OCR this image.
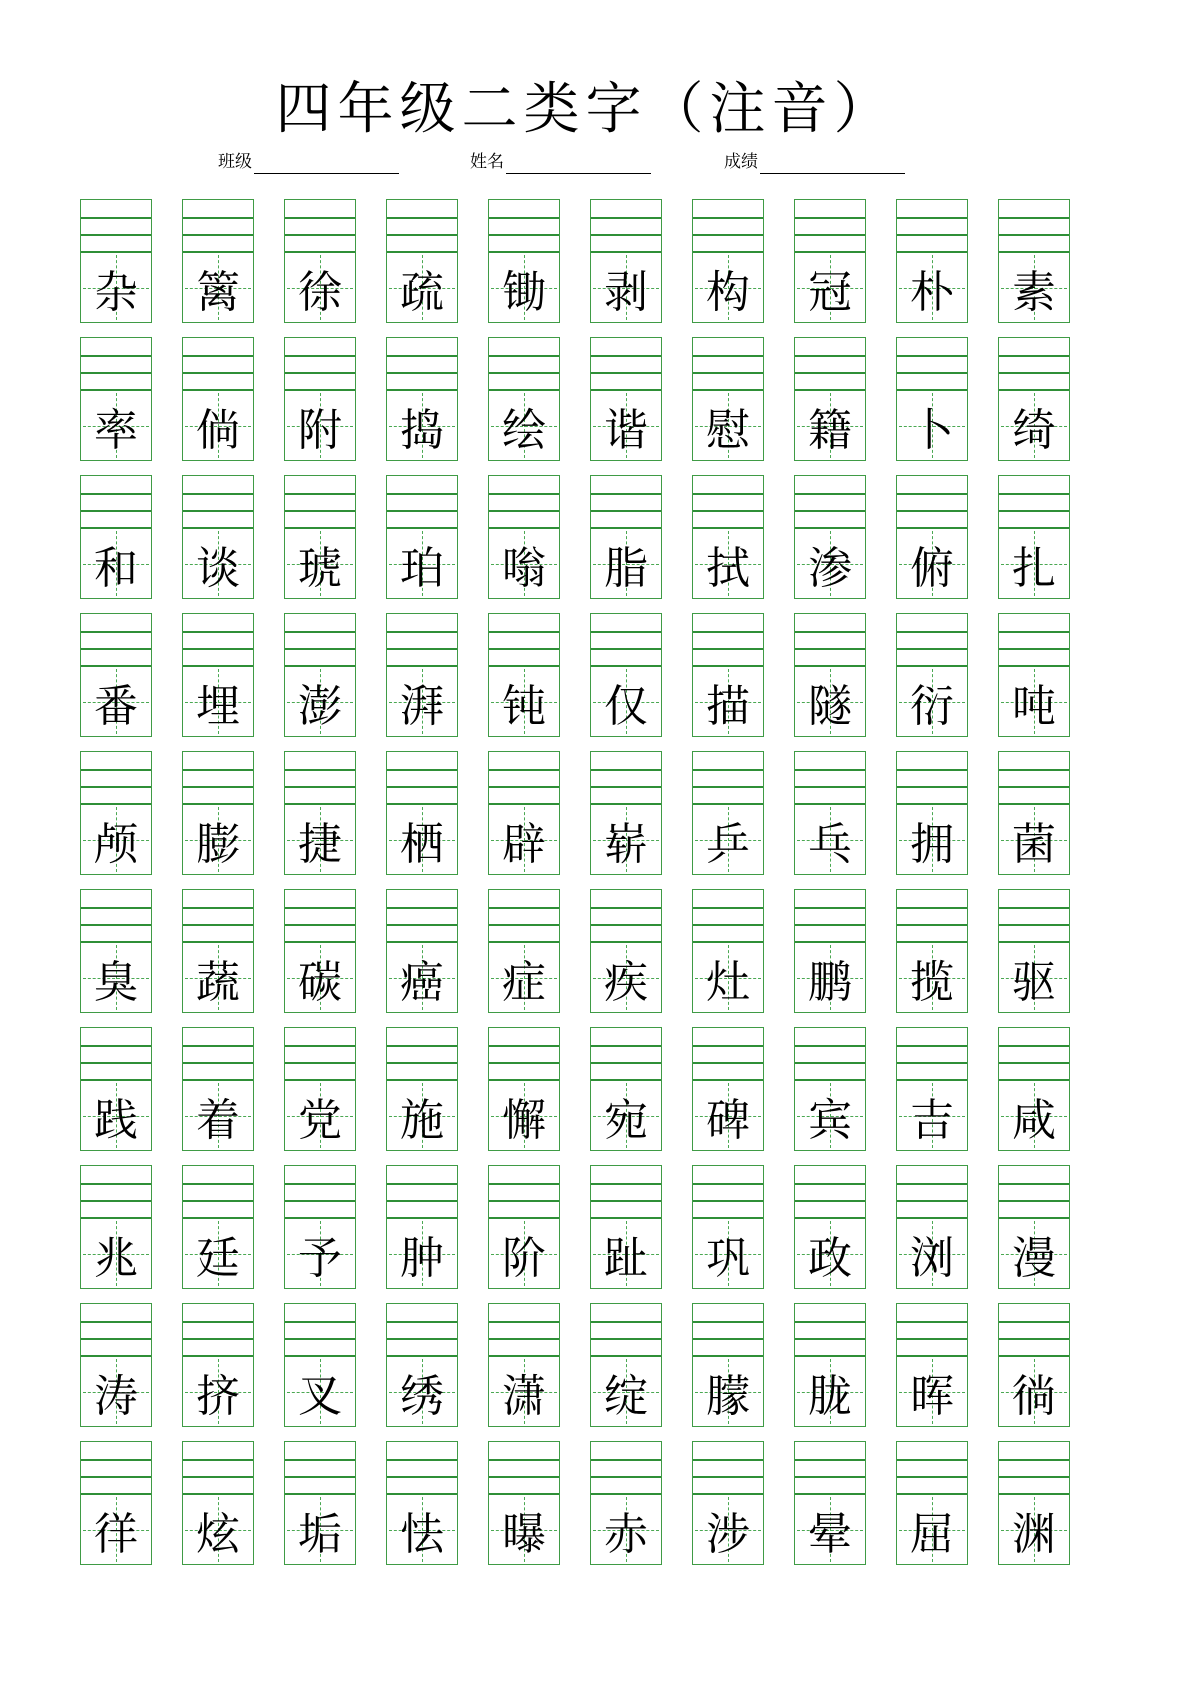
四年级二类字（注音）
班级	姓名	成绩
杂 篱 徐 疏 锄 剥 构 冠 朴 素
率 倘 附 捣 绘 谐 慰 籍 卜 绮
和 谈 琥 珀 嗡 脂 拭 渗 俯 扎
番 埋 澎 湃 钝 仅 描 隧 衍 吨
颅 膨 捷 栖 辟 崭 乒 乓 拥 菌
臭 蔬 碳 癌 症 疾 灶 鹏 揽 驱
践 着 党 施 懈 宛 碑 宾 吉 咸
兆 廷 予 肿 阶 趾 巩 政 浏 漫
涛 挤 叉 绣 潇 绽 朦 胧 晖 徜
徉 炫 垢 怯 曝 赤 涉 晕 屈 渊
